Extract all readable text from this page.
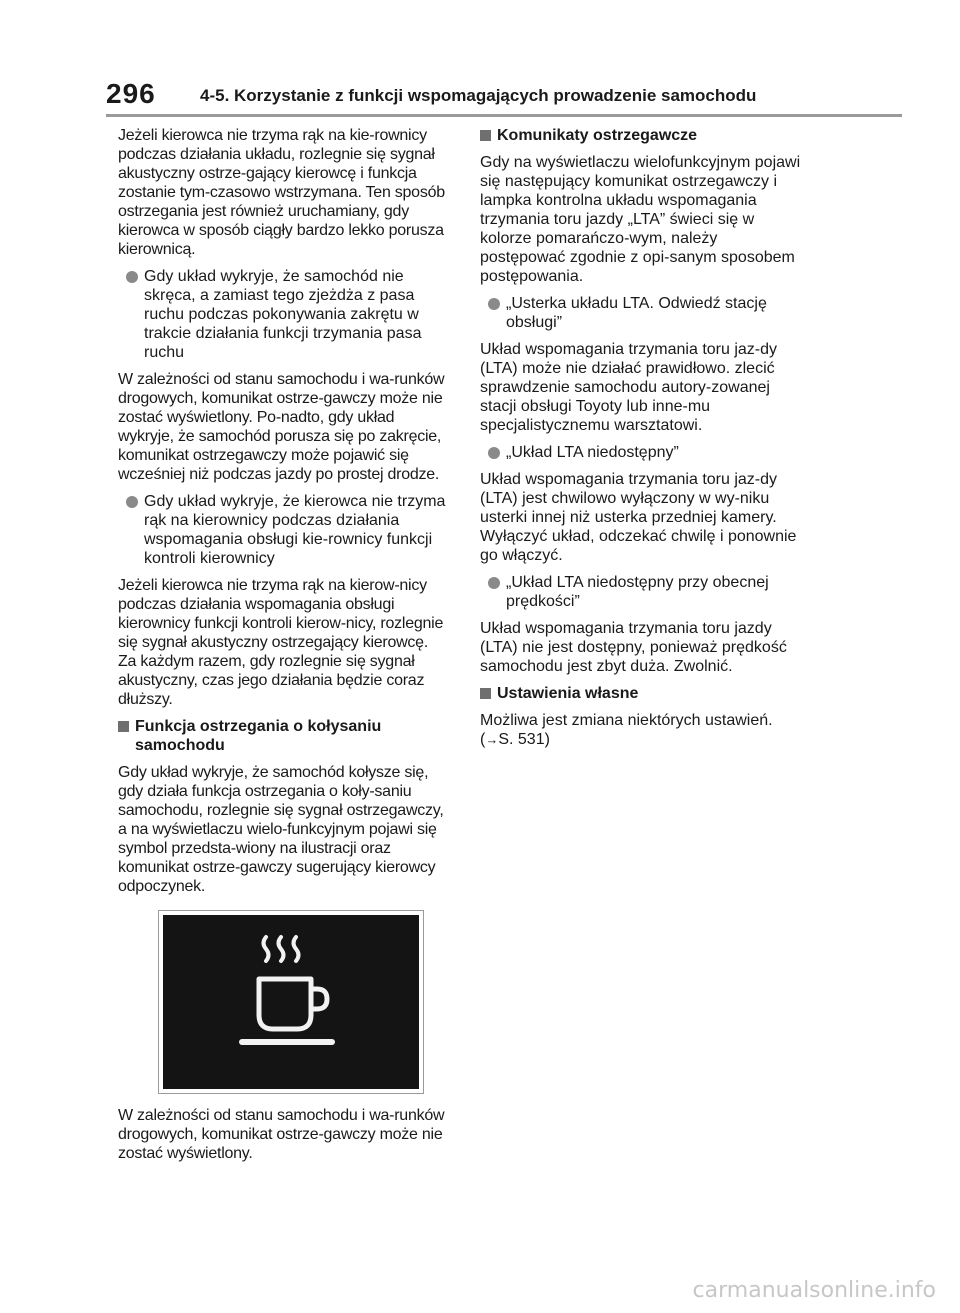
296	4-5. Korzystanie z funkcji wspomagających prowadzenie samochodu

Jeżeli kierowca nie trzyma rąk na kie-rownicy podczas działania układu, rozlegnie się sygnał akustyczny ostrze-gający kierowcę i funkcja zostanie tym-czasowo wstrzymana. Ten sposób ostrzegania jest również uruchamiany, gdy kierowca w sposób ciągły bardzo lekko porusza kierownicą.

Gdy układ wykryje, że samochód nie skręca, a zamiast tego zjeżdża z pasa ruchu podczas pokonywania zakrętu w trakcie działania funkcji trzymania pasa ruchu

W zależności od stanu samochodu i wa-runków drogowych, komunikat ostrze-gawczy może nie zostać wyświetlony. Po-nadto, gdy układ wykryje, że samochód porusza się po zakręcie, komunikat ostrzegawczy może pojawić się wcześniej niż podczas jazdy po prostej drodze.

Gdy układ wykryje, że kierowca nie trzyma rąk na kierownicy podczas działania wspomagania obsługi kie-rownicy funkcji kontroli kierownicy

Jeżeli kierowca nie trzyma rąk na kierow-nicy podczas działania wspomagania obsługi kierownicy funkcji kontroli kierow-nicy, rozlegnie się sygnał akustyczny ostrzegający kierowcę. Za każdym razem, gdy rozlegnie się sygnał akustyczny, czas jego działania będzie coraz dłuższy.

Funkcja ostrzegania o kołysaniu samochodu

Gdy układ wykryje, że samochód kołysze się, gdy działa funkcja ostrzegania o koły-saniu samochodu, rozlegnie się sygnał ostrzegawczy, a na wyświetlaczu wielo-funkcyjnym pojawi się symbol przedsta-wiony na ilustracji oraz komunikat ostrze-gawczy sugerujący kierowcy odpoczynek.

W zależności od stanu samochodu i wa-runków drogowych, komunikat ostrze-gawczy może nie zostać wyświetlony.

Komunikaty ostrzegawcze

Gdy na wyświetlaczu wielofunkcyjnym pojawi się następujący komunikat ostrzegawczy i lampka kontrolna układu wspomagania trzymania toru jazdy „LTA” świeci się w kolorze pomarańczo-wym, należy postępować zgodnie z opi-sanym sposobem postępowania.

„Usterka układu LTA. Odwiedź stację obsługi”

Układ wspomagania trzymania toru jaz-dy (LTA) może nie działać prawidłowo. zlecić sprawdzenie samochodu autory-zowanej stacji obsługi Toyoty lub inne-mu specjalistycznemu warsztatowi.

„Układ LTA niedostępny”

Układ wspomagania trzymania toru jaz-dy (LTA) jest chwilowo wyłączony w wy-niku usterki innej niż usterka przedniej kamery. Wyłączyć układ, odczekać chwilę i ponownie go włączyć.

„Układ LTA niedostępny przy obecnej prędkości”

Układ wspomagania trzymania toru jazdy (LTA) nie jest dostępny, ponieważ prędkość samochodu jest zbyt duża. Zwolnić.

Ustawienia własne

Możliwa jest zmiana niektórych ustawień.
(→S. 531)

carmanualsonline.info
